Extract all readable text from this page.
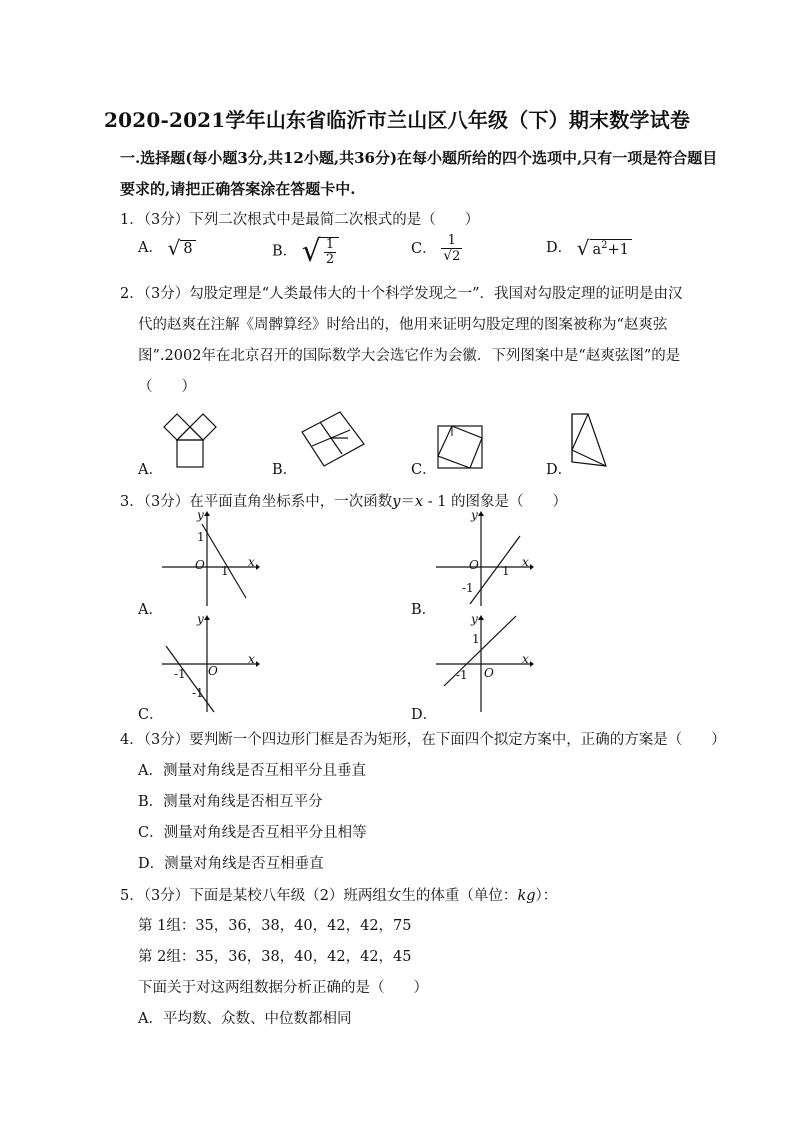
2020-2021学年山东省临沂市兰山区八年级（下）期末数学试卷
一.选择题(每小题3分,共12小题,共36分)在每小题所给的四个选项中,只有一项是符合题目
要求的,请把正确答案涂在答题卡中.
1．（3分）下列二次根式中是最简二次根式的是（　　）
A． √ 8	B． √ $\frac{1}{2}$	C． $\frac{1}{√2}$	D． √ $a^2+1$
2．（3分）勾股定理是“人类最伟大的十个科学发现之一”．我国对勾股定理的证明是由汉
代的赵爽在注解《周髀算经》时给出的，他用来证明勾股定理的图案被称为“赵爽弦
图”.2002年在北京召开的国际数学大会选它作为会徽．下列图案中是“赵爽弦图”的是
（　　）
A．	B．	C．	D．
3．（3分）在平面直角坐标系中，一次函数y＝x - 1 的图象是（　　）
y
x
O
1
1
A．
y
x
O 1
-1
B．
y
x
O
-1
-1
C．
y
x
O
1
-1
D．
4．（3分）要判断一个四边形门框是否为矩形，在下面四个拟定方案中，正确的方案是（　　）
A．测量对角线是否互相平分且垂直
B．测量对角线是否相互平分
C．测量对角线是否互相平分且相等
D．测量对角线是否互相垂直
5．（3分）下面是某校八年级（2）班两组女生的体重（单位：kg）：
第 1组：35，36，38，40，42，42，75
第 2组：35，36，38，40，42，42，45
下面关于对这两组数据分析正确的是（　　）
A．平均数、众数、中位数都相同
